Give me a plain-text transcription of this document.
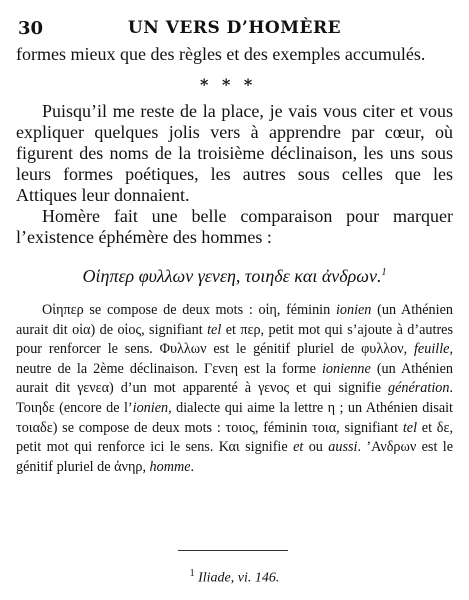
30	UN VERS D’HOMÈRE

formes mieux que des règles et des exemples accumulés.

* * *

Puisqu’il me reste de la place, je vais vous citer et vous expliquer quelques jolis vers à apprendre par cœur, où figurent des noms de la troisième déclinaison, les uns sous leurs formes poétiques, les autres sous celles que les Attiques leur donnaient.

Homère fait une belle comparaison pour marquer l’existence éphémère des hommes :

Οἱηπερ φυλλων γενεη, τοιηδε και ἀνδρων.$^1$

Οἱηπερ se compose de deux mots : οἱη, féminin ionien (un Athénien aurait dit οἱα) de οἱος, signifiant tel et περ, petit mot qui s’ajoute à d’autres pour renforcer le sens. Φυλλων est le génitif pluriel de φυλλον, feuille, neutre de la 2ème déclinaison. Γενεη est la forme ionienne (un Athénien aurait dit γενεα) d’un mot apparenté à γενος et qui signifie génération. Τοιηδε (encore de l’ionien, dialecte qui aime la lettre η ; un Athénien disait τοιαδε) se compose de deux mots : τοιος, féminin τοια, signifiant tel et δε, petit mot qui renforce ici le sens. Και signifie et ou aussi. ’Ανδρων est le génitif pluriel de ἀνηρ, homme.

$^1$ Iliade, vi. 146.
